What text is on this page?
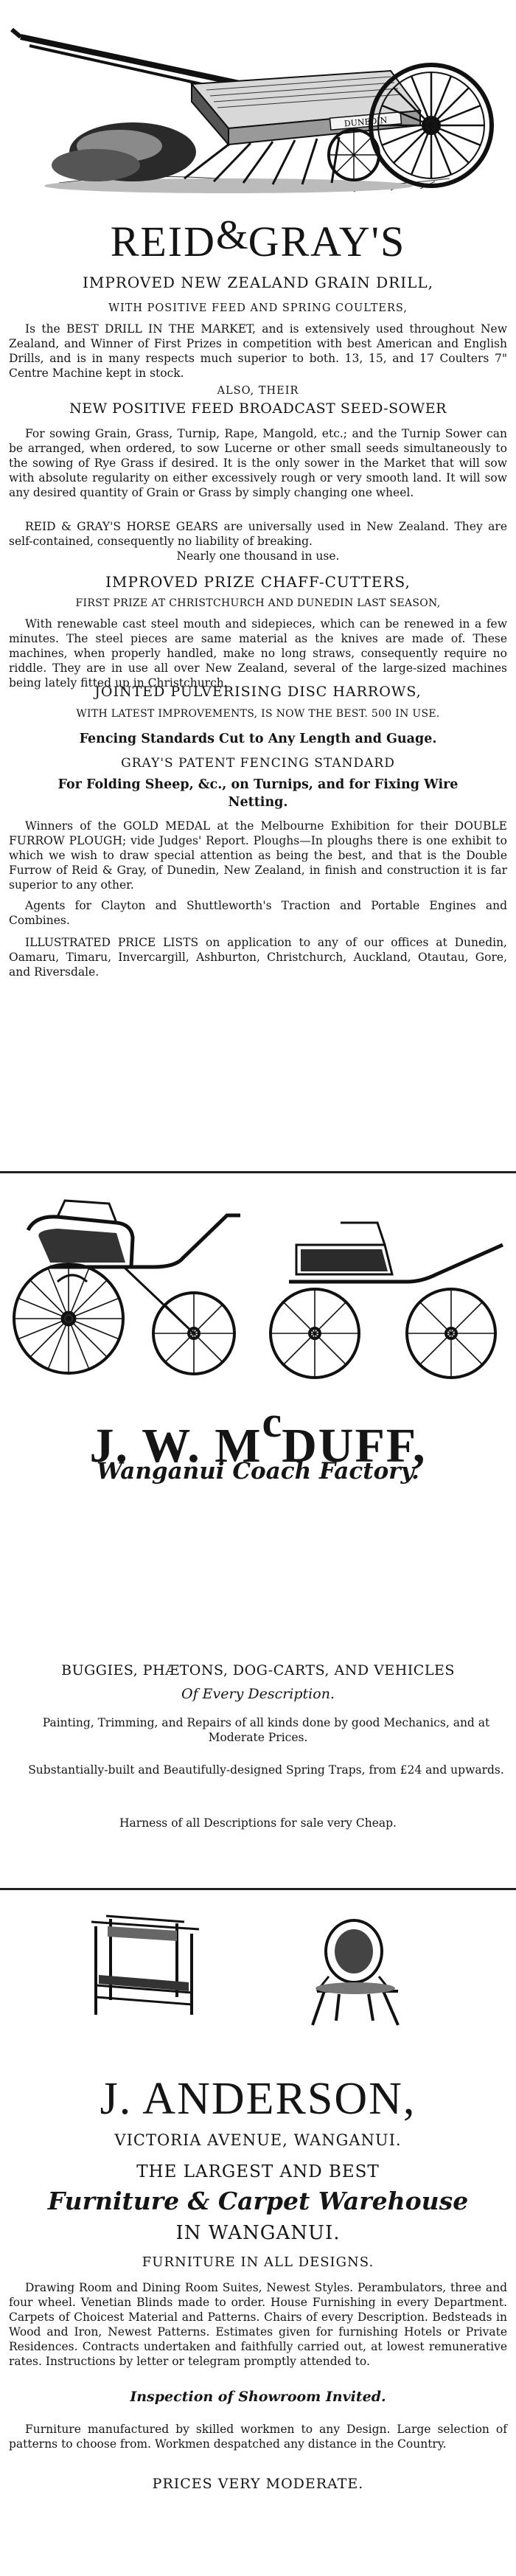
DUNEDIN
REID&GRAY'S
IMPROVED NEW ZEALAND GRAIN DRILL,
WITH POSITIVE FEED AND SPRING COULTERS,
Is the BEST DRILL IN THE MARKET, and is extensively used throughout New Zealand, and Winner of First Prizes in competition with best American and English Drills, and is in many respects much superior to both. 13, 15, and 17 Coulters 7" Centre Machine kept in stock.
ALSO, THEIR
NEW POSITIVE FEED BROADCAST SEED-SOWER
For sowing Grain, Grass, Turnip, Rape, Mangold, etc.; and the Turnip Sower can be arranged, when ordered, to sow Lucerne or other small seeds simultaneously to the sowing of Rye Grass if desired. It is the only sower in the Market that will sow with absolute regularity on either excessively rough or very smooth land. It will sow any desired quantity of Grain or Grass by simply changing one wheel.
REID & GRAY'S HORSE GEARS are universally used in New Zealand. They are self-contained, consequently no liability of breaking.
Nearly one thousand in use.
IMPROVED PRIZE CHAFF-CUTTERS,
FIRST PRIZE AT CHRISTCHURCH AND DUNEDIN LAST SEASON,
With renewable cast steel mouth and sidepieces, which can be renewed in a few minutes. The steel pieces are same material as the knives are made of. These machines, when properly handled, make no long straws, consequently require no riddle. They are in use all over New Zealand, several of the large-sized machines being lately fitted up in Christchurch.
JOINTED PULVERISING DISC HARROWS,
WITH LATEST IMPROVEMENTS, IS NOW THE BEST. 500 IN USE.
Fencing Standards Cut to Any Length and Guage.
GRAY'S PATENT FENCING STANDARD
For Folding Sheep, &c., on Turnips, and for Fixing Wire
Netting.
Winners of the GOLD MEDAL at the Melbourne Exhibition for their DOUBLE FURROW PLOUGH; vide Judges' Report. Ploughs—In ploughs there is one exhibit to which we wish to draw special attention as being the best, and that is the Double Furrow of Reid & Gray, of Dunedin, New Zealand, in finish and construction it is far superior to any other.
Agents for Clayton and Shuttleworth's Traction and Portable Engines and Combines.
ILLUSTRATED PRICE LISTS on application to any of our offices at Dunedin, Oamaru, Timaru, Invercargill, Ashburton, Christchurch, Auckland, Otautau, Gore, and Riversdale.
J. W. McDUFF,
Wanganui Coach Factory.
BUGGIES, PHÆTONS, DOG-CARTS, AND VEHICLES
Of Every Description.
Painting, Trimming, and Repairs of all kinds done by good Mechanics, and at Moderate Prices.
Substantially-built and Beautifully-designed Spring Traps, from £24 and upwards.
Harness of all Descriptions for sale very Cheap.
J. ANDERSON,
VICTORIA AVENUE, WANGANUI.
THE LARGEST AND BEST
Furniture & Carpet Warehouse
IN WANGANUI.
FURNITURE IN ALL DESIGNS.
Drawing Room and Dining Room Suites, Newest Styles. Perambulators, three and four wheel. Venetian Blinds made to order. House Furnishing in every Department. Carpets of Choicest Material and Patterns. Chairs of every Description. Bedsteads in Wood and Iron, Newest Patterns. Estimates given for furnishing Hotels or Private Residences. Contracts undertaken and faithfully carried out, at lowest remunerative rates. Instructions by letter or telegram promptly attended to.
Inspection of Showroom Invited.
Furniture manufactured by skilled workmen to any Design. Large selection of patterns to choose from. Workmen despatched any distance in the Country.
PRICES VERY MODERATE.
